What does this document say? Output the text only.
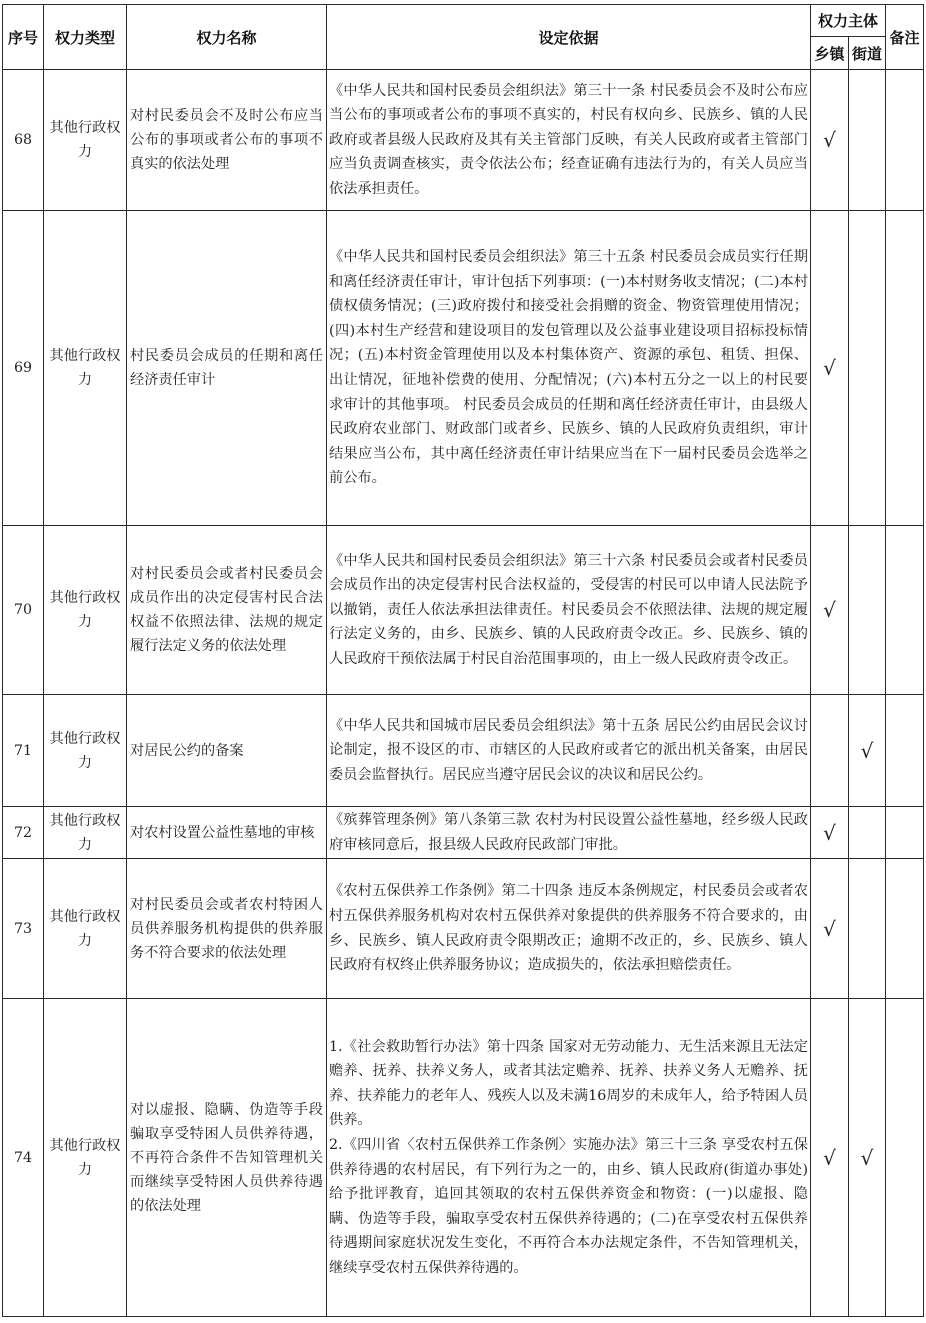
序号	权力类型	权力名称	设定依据	权力主体		备注
				乡镇	街道	
68	其他行政权力	对村民委员会不及时公布应当公布的事项或者公布的事项不真实的依法处理	《中华人民共和国村民委员会组织法》第三十一条 村民委员会不及时公布应当公布的事项或者公布的事项不真实的，村民有权向乡、民族乡、镇的人民政府或者县级人民政府及其有关主管部门反映，有关人民政府或者主管部门应当负责调查核实，责令依法公布；经查证确有违法行为的，有关人员应当依法承担责任。	√		
69	其他行政权力	村民委员会成员的任期和离任经济责任审计	《中华人民共和国村民委员会组织法》第三十五条 村民委员会成员实行任期和离任经济责任审计，审计包括下列事项：(一)本村财务收支情况；(二)本村债权债务情况；(三)政府拨付和接受社会捐赠的资金、物资管理使用情况；(四)本村生产经营和建设项目的发包管理以及公益事业建设项目招标投标情况；(五)本村资金管理使用以及本村集体资产、资源的承包、租赁、担保、出让情况，征地补偿费的使用、分配情况；(六)本村五分之一以上的村民要求审计的其他事项。 村民委员会成员的任期和离任经济责任审计，由县级人民政府农业部门、财政部门或者乡、民族乡、镇的人民政府负责组织，审计结果应当公布，其中离任经济责任审计结果应当在下一届村民委员会选举之前公布。	√		
70	其他行政权力	对村民委员会或者村民委员会成员作出的决定侵害村民合法权益不依照法律、法规的规定履行法定义务的依法处理	《中华人民共和国村民委员会组织法》第三十六条 村民委员会或者村民委员会成员作出的决定侵害村民合法权益的，受侵害的村民可以申请人民法院予以撤销，责任人依法承担法律责任。村民委员会不依照法律、法规的规定履行法定义务的，由乡、民族乡、镇的人民政府责令改正。乡、民族乡、镇的人民政府干预依法属于村民自治范围事项的，由上一级人民政府责令改正。	√		
71	其他行政权力	对居民公约的备案	《中华人民共和国城市居民委员会组织法》第十五条 居民公约由居民会议讨论制定，报不设区的市、市辖区的人民政府或者它的派出机关备案，由居民委员会监督执行。居民应当遵守居民会议的决议和居民公约。		√	
72	其他行政权力	对农村设置公益性墓地的审核	《殡葬管理条例》第八条第三款 农村为村民设置公益性墓地，经乡级人民政府审核同意后，报县级人民政府民政部门审批。	√		
73	其他行政权力	对村民委员会或者农村特困人员供养服务机构提供的供养服务不符合要求的依法处理	《农村五保供养工作条例》第二十四条 违反本条例规定，村民委员会或者农村五保供养服务机构对农村五保供养对象提供的供养服务不符合要求的，由乡、民族乡、镇人民政府责令限期改正；逾期不改正的，乡、民族乡、镇人民政府有权终止供养服务协议；造成损失的，依法承担赔偿责任。	√		
74	其他行政权力	对以虚报、隐瞒、伪造等手段骗取享受特困人员供养待遇，不再符合条件不告知管理机关而继续享受特困人员供养待遇的依法处理	1.《社会救助暂行办法》第十四条 国家对无劳动能力、无生活来源且无法定赡养、抚养、扶养义务人，或者其法定赡养、抚养、扶养义务人无赡养、抚养、扶养能力的老年人、残疾人以及未满16周岁的未成年人，给予特困人员供养。
2.《四川省〈农村五保供养工作条例〉实施办法》第三十三条 享受农村五保供养待遇的农村居民，有下列行为之一的，由乡、镇人民政府(街道办事处)给予批评教育，追回其领取的农村五保供养资金和物资：(一)以虚报、隐瞒、伪造等手段，骗取享受农村五保供养待遇的；(二)在享受农村五保供养待遇期间家庭状况发生变化，不再符合本办法规定条件，不告知管理机关，继续享受农村五保供养待遇的。	√	√	
